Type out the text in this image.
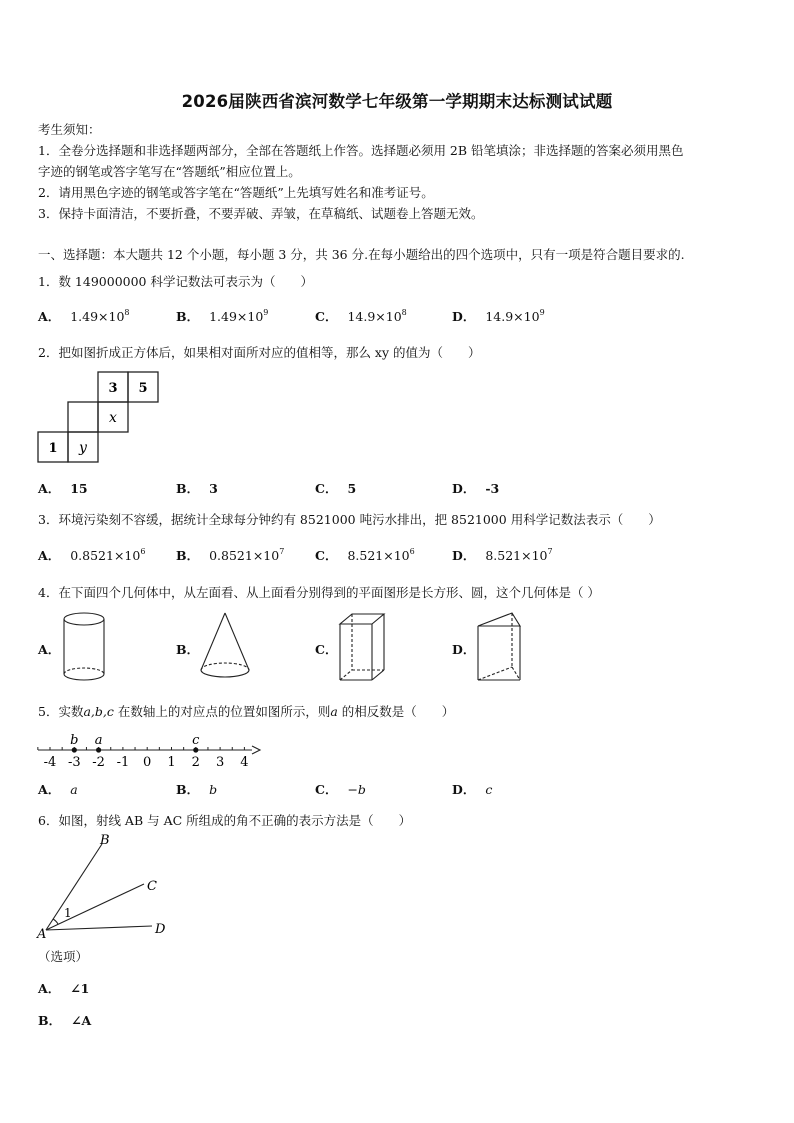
2026届陕西省滨河数学七年级第一学期期末达标测试试题
考生须知：
1．全卷分选择题和非选择题两部分，全部在答题纸上作答。选择题必须用 2B 铅笔填涂；非选择题的答案必须用黑色
字迹的钢笔或答字笔写在“答题纸”相应位置上。
2．请用黑色字迹的钢笔或答字笔在“答题纸”上先填写姓名和准考证号。
3．保持卡面清洁，不要折叠，不要弄破、弄皱，在草稿纸、试题卷上答题无效。
一、选择题：本大题共 12 个小题，每小题 3 分，共 36 分.在每小题给出的四个选项中，只有一项是符合题目要求的.
1．数 149000000 科学记数法可表示为（　　）
A． $1.49\times 10^8$	B． $1.49\times 10^9$	C． $14.9\times 10^8$	D． $14.9\times 10^9$
2．把如图折成正方体后，如果相对面所对应的值相等，那么 xy 的值为（　　）
3 5
x
1 y
A． 15	B． 3	C． 5	D． -3
3．环境污染刻不容缓，据统计全球每分钟约有 8521000 吨污水排出，把 8521000 用科学记数法表示（　　）
A． $0.8521\times 10^6$ B． $0.8521\times 10^7$ C． $8.521\times 10^6$	D． $8.521\times 10^7$
4．在下面四个几何体中，从左面看、从上面看分别得到的平面图形是长方形、圆，这个几何体是（ ）
A．	B．	C．	D．
5．实数a,b,c 在数轴上的对应点的位置如图所示，则a 的相反数是（　　）
-4 -3 -2 -1 0 1 2 3 4
b a	c
A． a	B． b	C． −b	D． c
6．如图，射线 AB 与 AC 所组成的角不正确的表示方法是（　　）
A
B
C
D
1
（选项）
A． ∠1
B． ∠A
